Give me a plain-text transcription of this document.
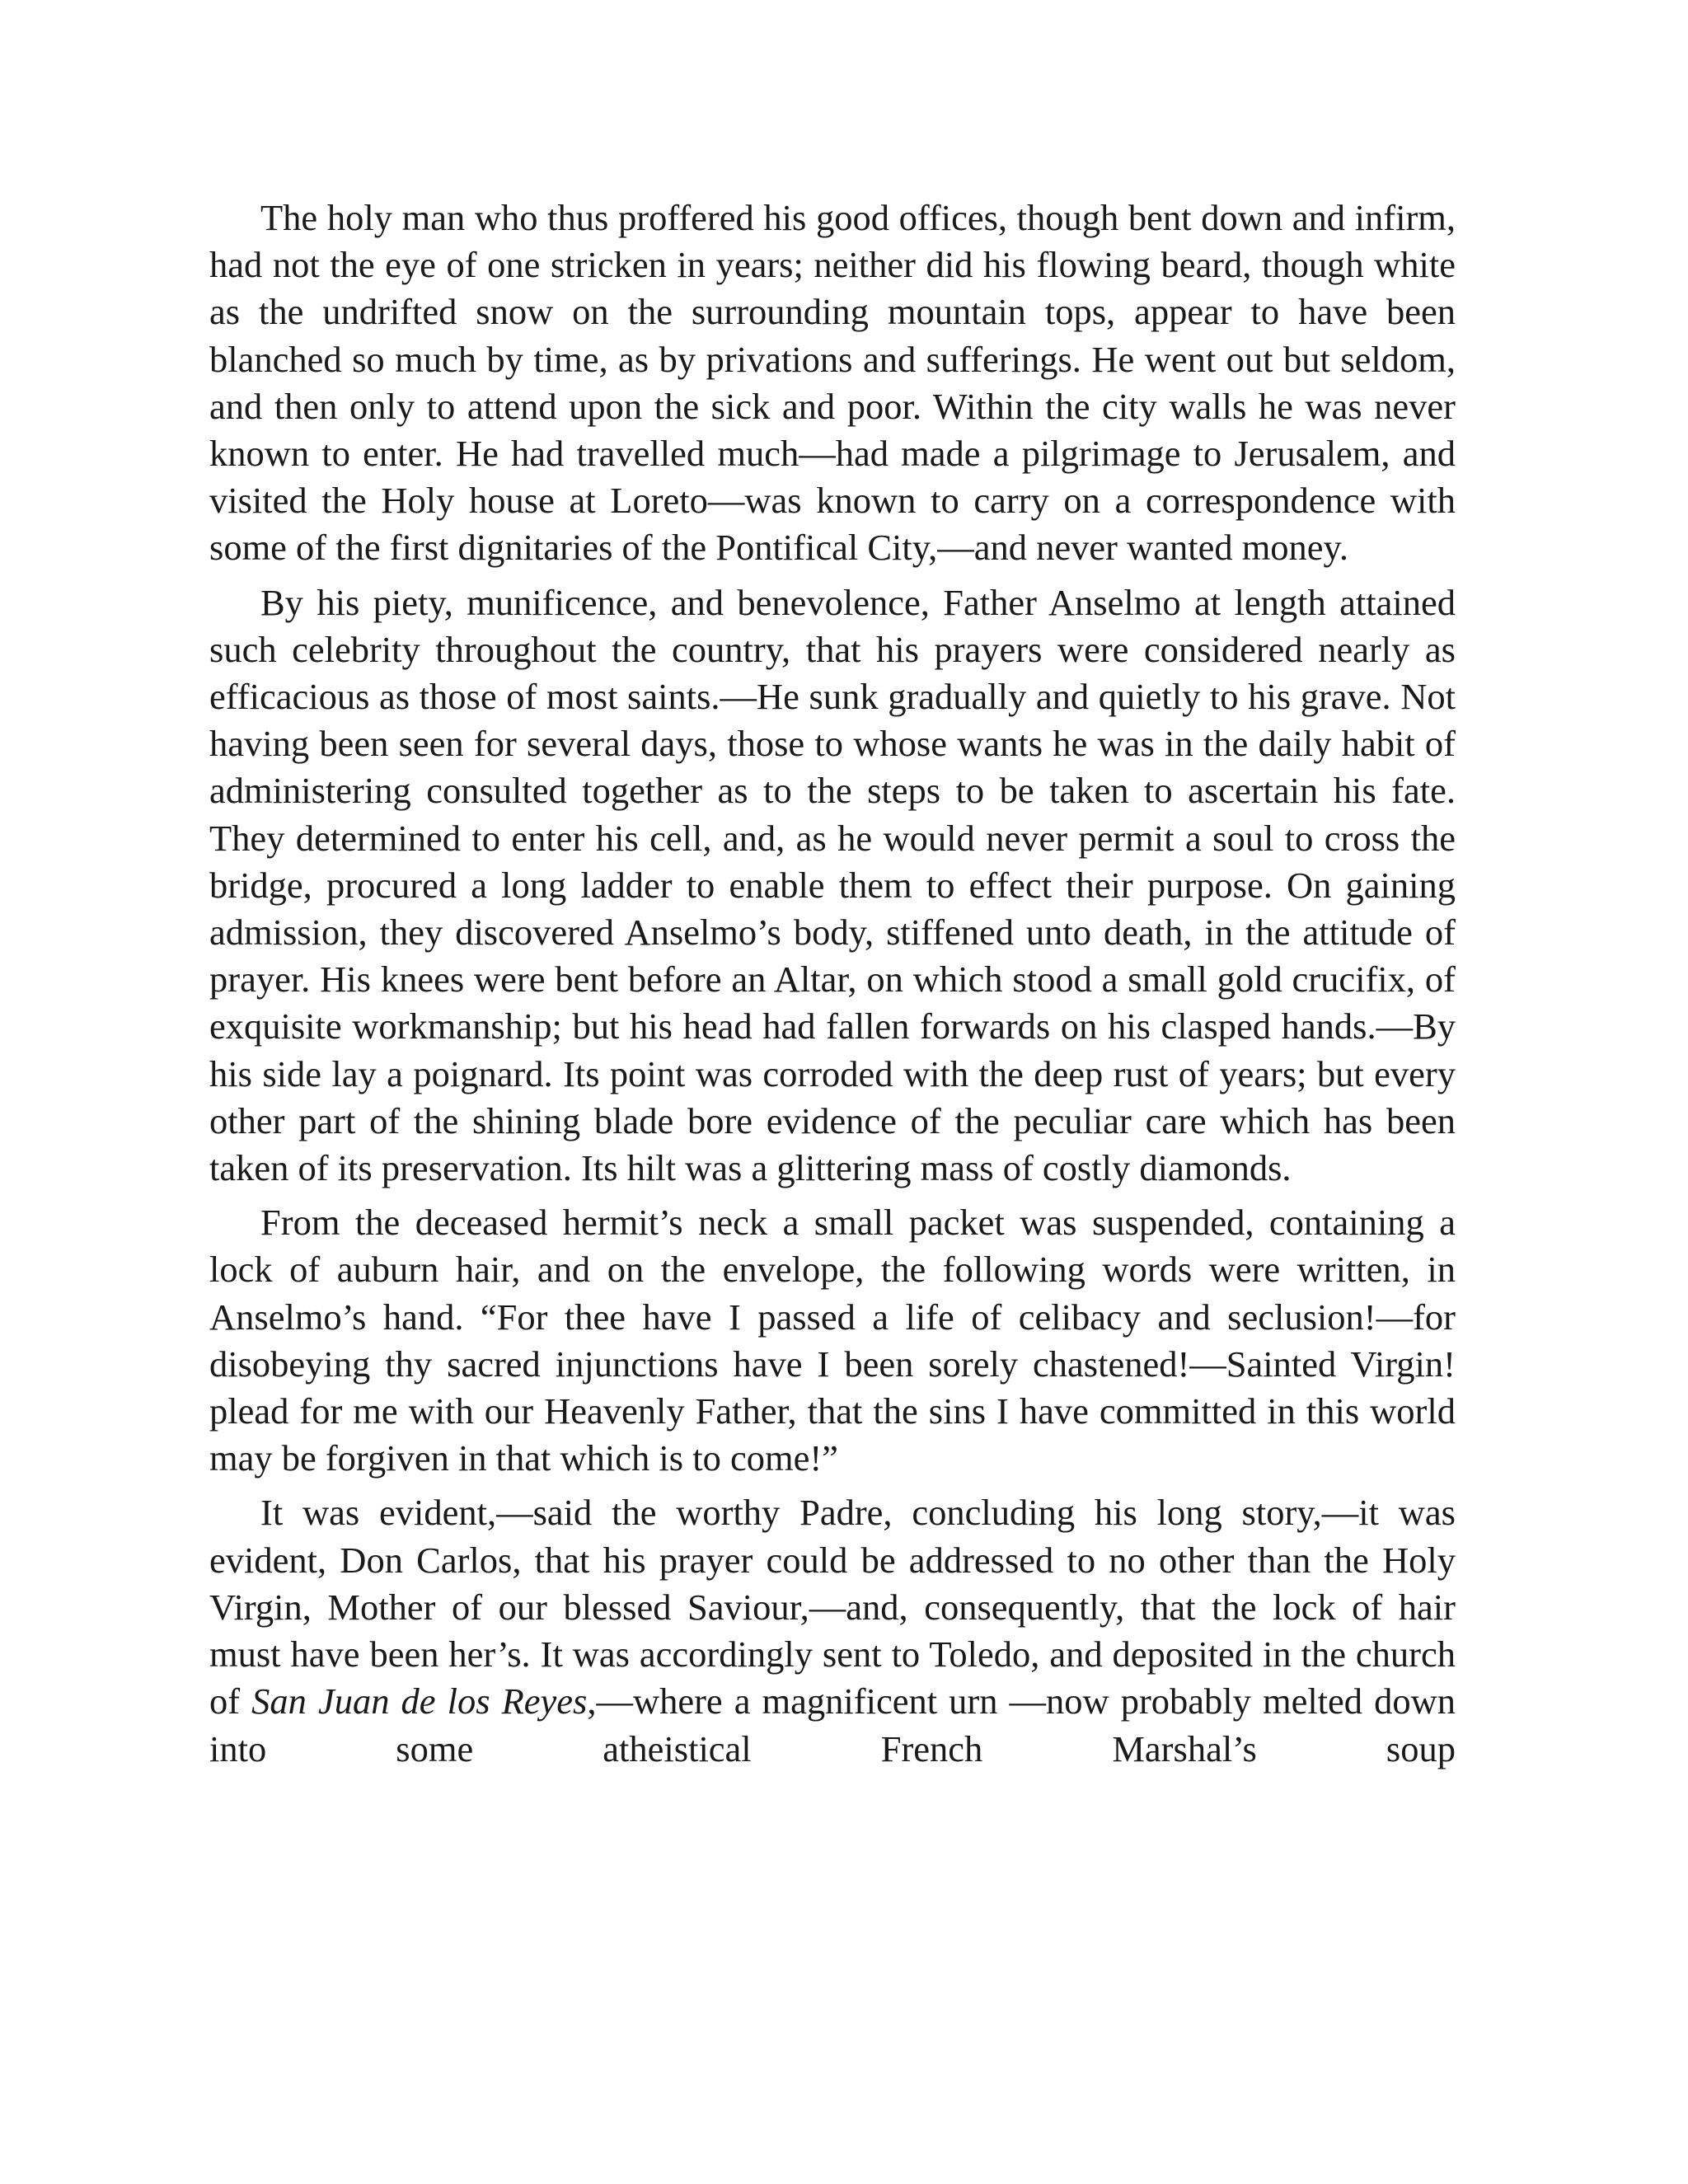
The holy man who thus proffered his good offices, though bent down and infirm, had not the eye of one stricken in years; neither did his flowing beard, though white as the undrifted snow on the surrounding mountain tops, appear to have been blanched so much by time, as by privations and sufferings. He went out but seldom, and then only to attend upon the sick and poor. Within the city walls he was never known to enter. He had travelled much—had made a pilgrimage to Jerusalem, and visited the Holy house at Loreto—was known to carry on a correspondence with some of the first dignitaries of the Pontifical City,—and never wanted money.

By his piety, munificence, and benevolence, Father Anselmo at length attained such celebrity throughout the country, that his prayers were considered nearly as efficacious as those of most saints.—He sunk gradually and quietly to his grave. Not having been seen for several days, those to whose wants he was in the daily habit of administering consulted together as to the steps to be taken to ascertain his fate. They determined to enter his cell, and, as he would never permit a soul to cross the bridge, procured a long ladder to enable them to effect their purpose. On gaining admission, they discovered Anselmo’s body, stiffened unto death, in the attitude of prayer. His knees were bent before an Altar, on which stood a small gold crucifix, of exquisite workmanship; but his head had fallen forwards on his clasped hands.—By his side lay a poignard. Its point was corroded with the deep rust of years; but every other part of the shining blade bore evidence of the peculiar care which has been taken of its preservation. Its hilt was a glittering mass of costly diamonds.

From the deceased hermit’s neck a small packet was suspended, containing a lock of auburn hair, and on the envelope, the following words were written, in Anselmo’s hand. “For thee have I passed a life of celibacy and seclusion!—for disobeying thy sacred injunctions have I been sorely chastened!—Sainted Virgin! plead for me with our Heavenly Father, that the sins I have committed in this world may be forgiven in that which is to come!”

It was evident,—said the worthy Padre, concluding his long story,—it was evident, Don Carlos, that his prayer could be addressed to no other than the Holy Virgin, Mother of our blessed Saviour,—and, consequently, that the lock of hair must have been her’s. It was accordingly sent to Toledo, and deposited in the church of San Juan de los Reyes,—where a magnificent urn —now probably melted down into some atheistical French Marshal’s soup
